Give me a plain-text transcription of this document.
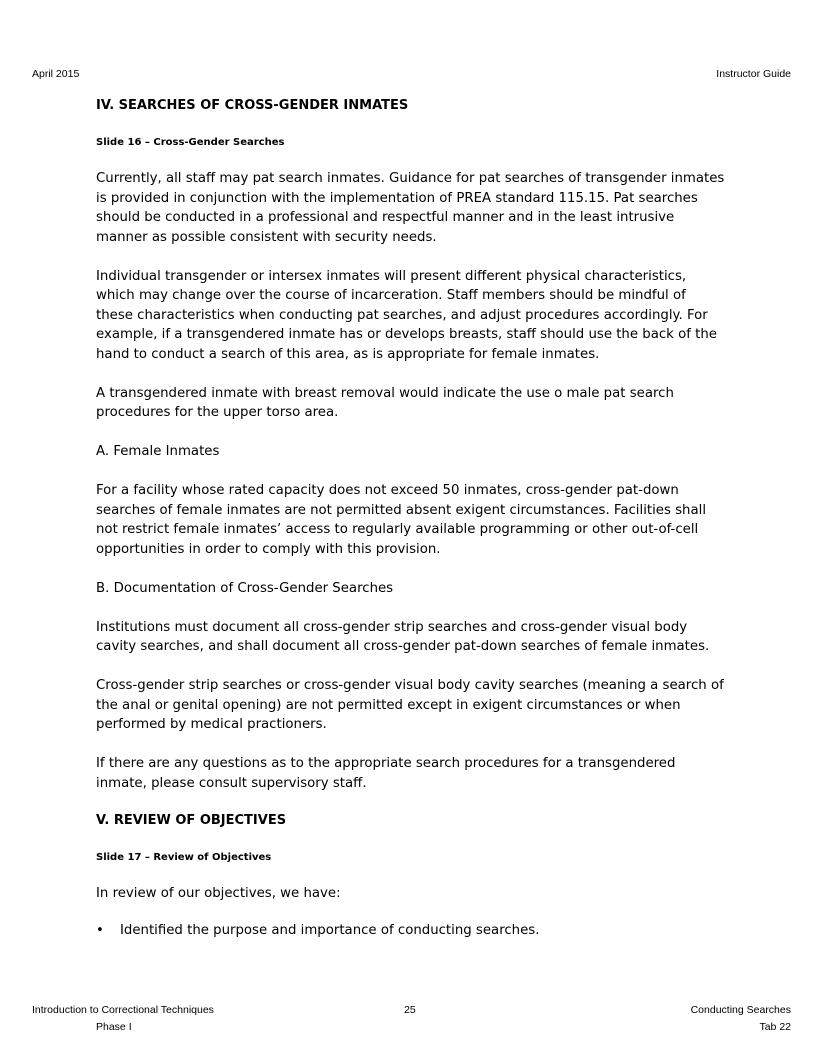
April 2015	Instructor Guide
IV. SEARCHES OF CROSS-GENDER INMATES
Slide 16 – Cross-Gender Searches

Currently, all staff may pat search inmates. Guidance for pat searches of transgender inmates is provided in conjunction with the implementation of PREA standard 115.15. Pat searches should be conducted in a professional and respectful manner and in the least intrusive manner as possible consistent with security needs.

Individual transgender or intersex inmates will present different physical characteristics, which may change over the course of incarceration. Staff members should be mindful of these characteristics when conducting pat searches, and adjust procedures accordingly. For example, if a transgendered inmate has or develops breasts, staff should use the back of the hand to conduct a search of this area, as is appropriate for female inmates.

A transgendered inmate with breast removal would indicate the use o male pat search procedures for the upper torso area.

A. Female Inmates

For a facility whose rated capacity does not exceed 50 inmates, cross-gender pat-down searches of female inmates are not permitted absent exigent circumstances. Facilities shall not restrict female inmates’ access to regularly available programming or other out-of-cell opportunities in order to comply with this provision.

B. Documentation of Cross-Gender Searches

Institutions must document all cross-gender strip searches and cross-gender visual body cavity searches, and shall document all cross-gender pat-down searches of female inmates.

Cross-gender strip searches or cross-gender visual body cavity searches (meaning a search of the anal or genital opening) are not permitted except in exigent circumstances or when performed by medical practioners.

If there are any questions as to the appropriate search procedures for a transgendered inmate, please consult supervisory staff.

V. REVIEW OF OBJECTIVES
Slide 17 – Review of Objectives

In review of our objectives, we have:

•	Identified the purpose and importance of conducting searches.
Introduction to Correctional Techniques
Phase I
25	Conducting Searches
Tab 22
